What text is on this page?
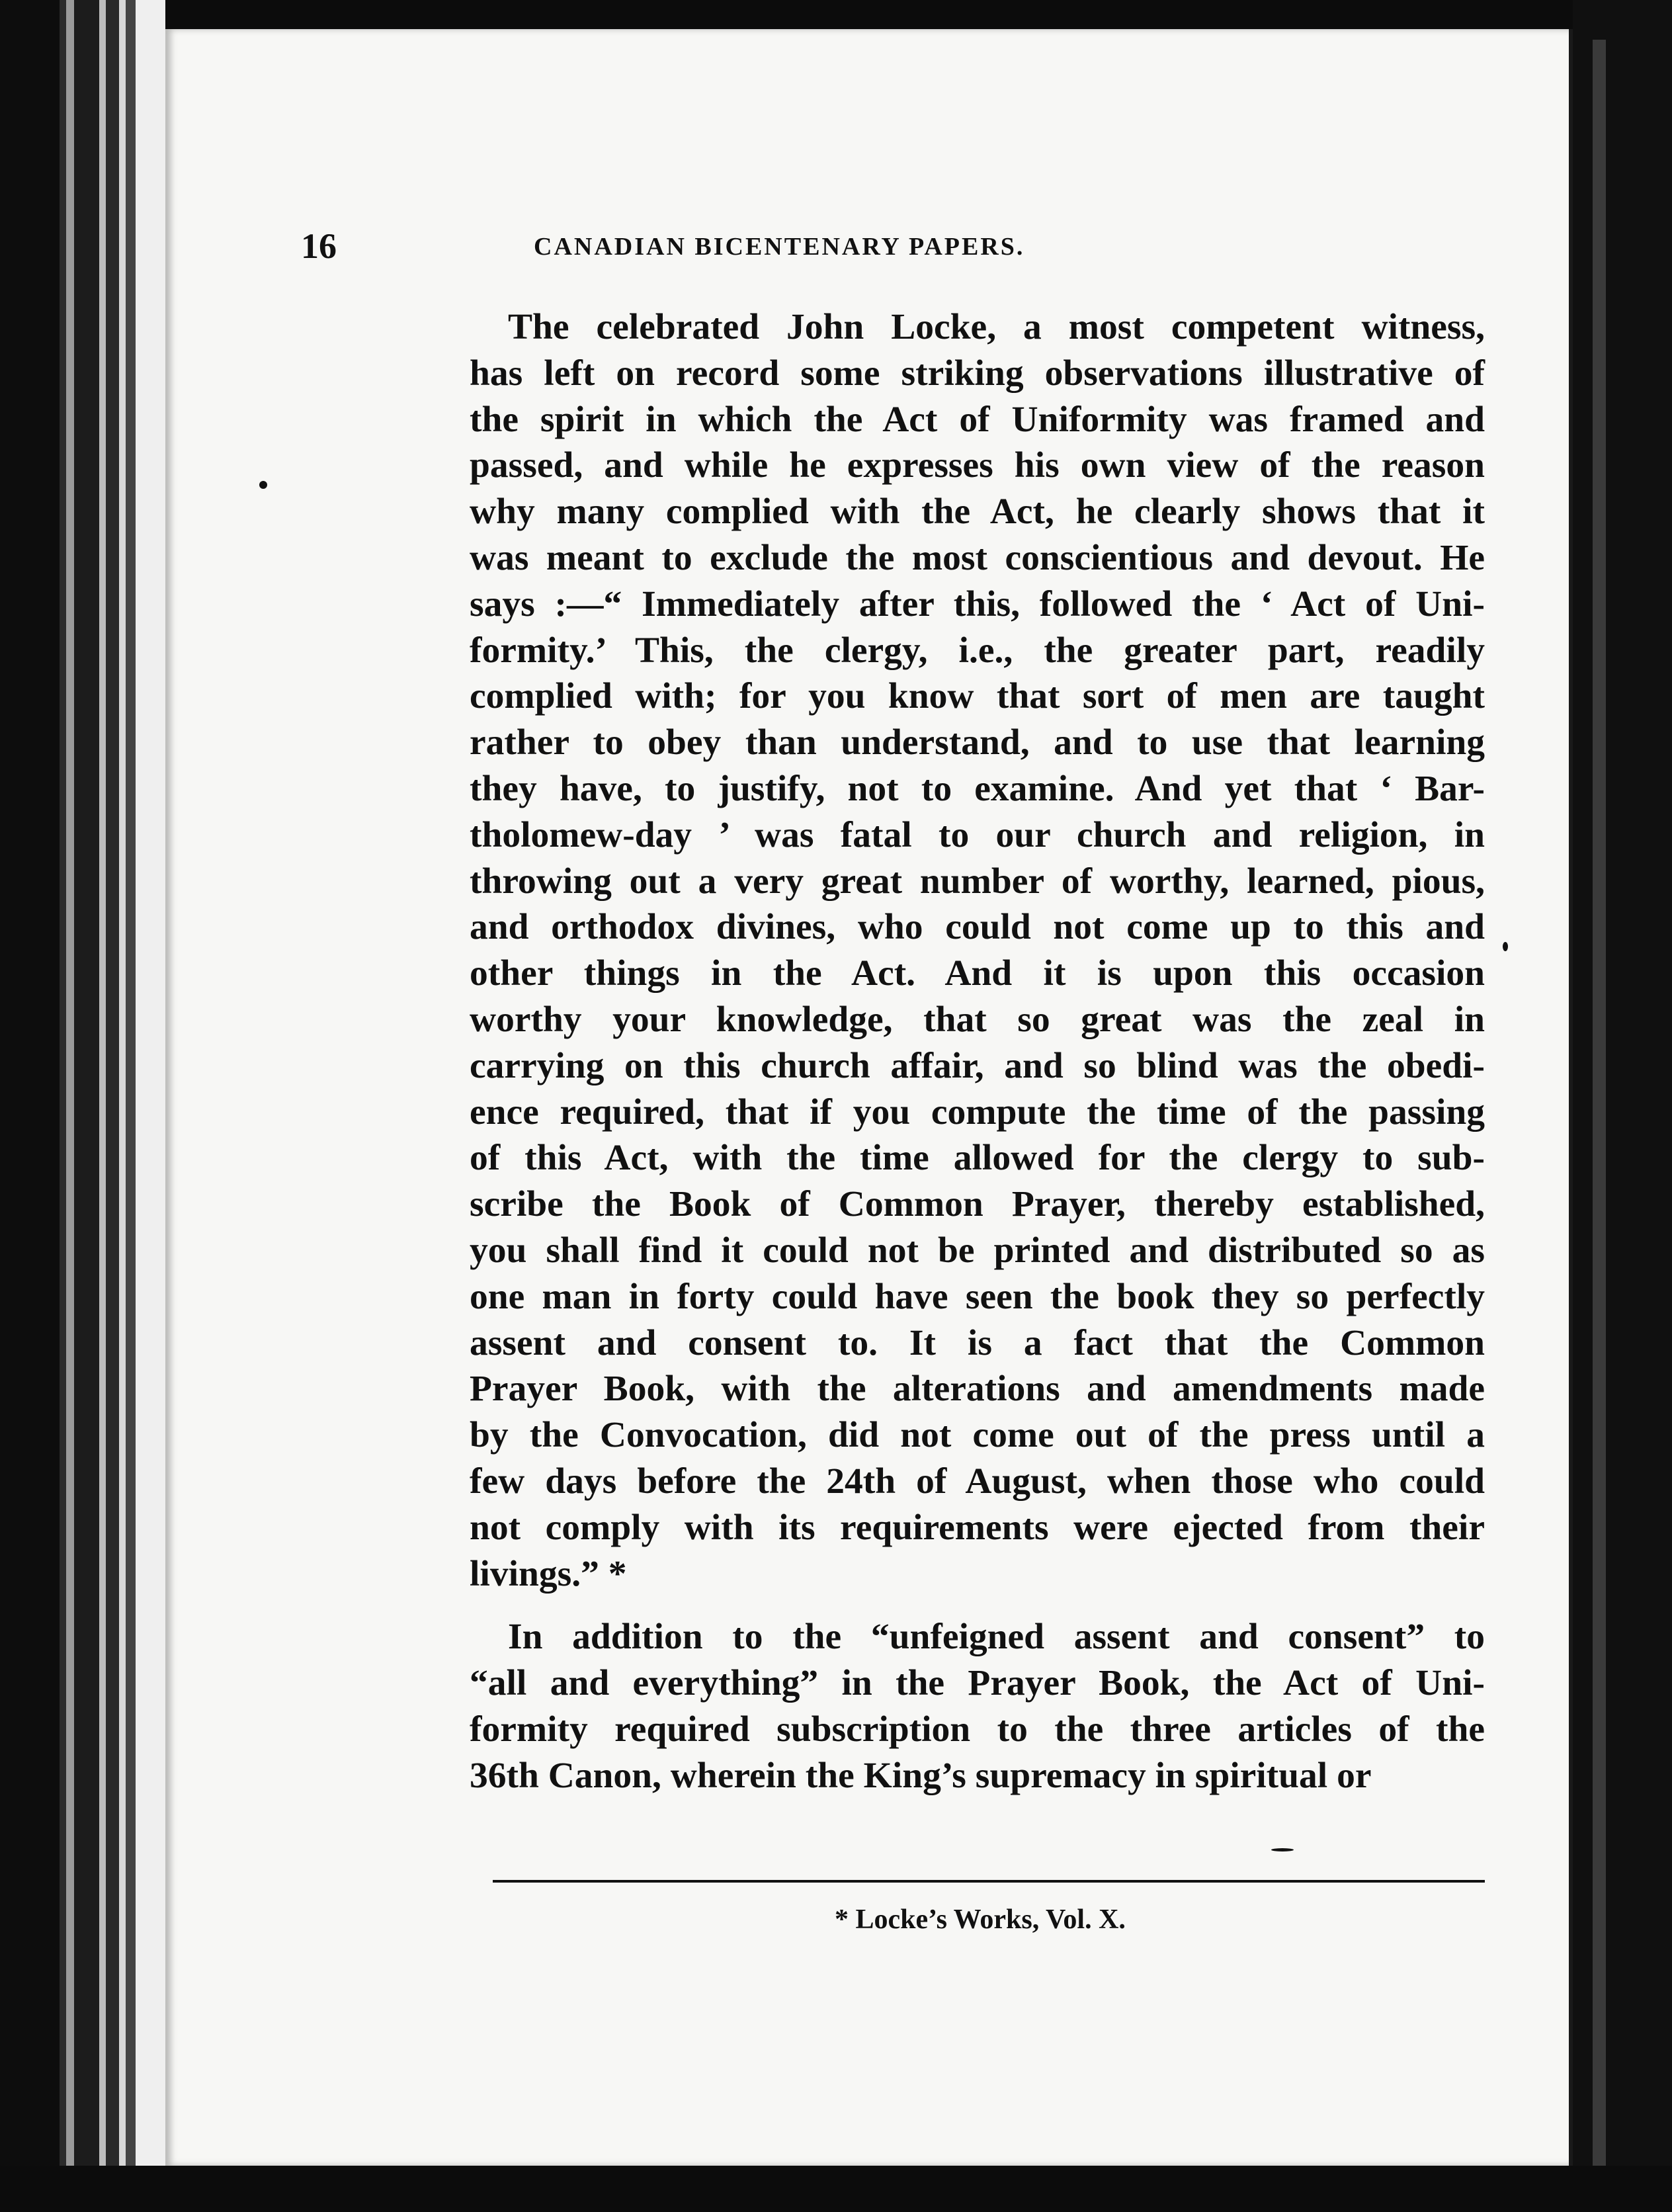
16	CANADIAN BICENTENARY PAPERS.
The celebrated John Locke, a most competent witness,
has left on record some striking observations illustrative of
the spirit in which the Act of Uniformity was framed and
passed, and while he expresses his own view of the reason
why many complied with the Act, he clearly shows that it
was meant to exclude the most conscientious and devout. He
says :—“ Immediately after this, followed the ‘ Act of Uni-
formity.’ This, the clergy, i.e., the greater part, readily
complied with; for you know that sort of men are taught
rather to obey than understand, and to use that learning
they have, to justify, not to examine. And yet that ‘ Bar-
tholomew-day ’ was fatal to our church and religion, in
throwing out a very great number of worthy, learned, pious,
and orthodox divines, who could not come up to this and
other things in the Act. And it is upon this occasion
worthy your knowledge, that so great was the zeal in
carrying on this church affair, and so blind was the obedi-
ence required, that if you compute the time of the passing
of this Act, with the time allowed for the clergy to sub-
scribe the Book of Common Prayer, thereby established,
you shall find it could not be printed and distributed so as
one man in forty could have seen the book they so perfectly
assent and consent to. It is a fact that the Common
Prayer Book, with the alterations and amendments made
by the Convocation, did not come out of the press until a
few days before the 24th of August, when those who could
not comply with its requirements were ejected from their
livings.” *
In addition to the “unfeigned assent and consent” to
“all and everything” in the Prayer Book, the Act of Uni-
formity required subscription to the three articles of the
36th Canon, wherein the King’s supremacy in spiritual or
* Locke’s Works, Vol. X.
